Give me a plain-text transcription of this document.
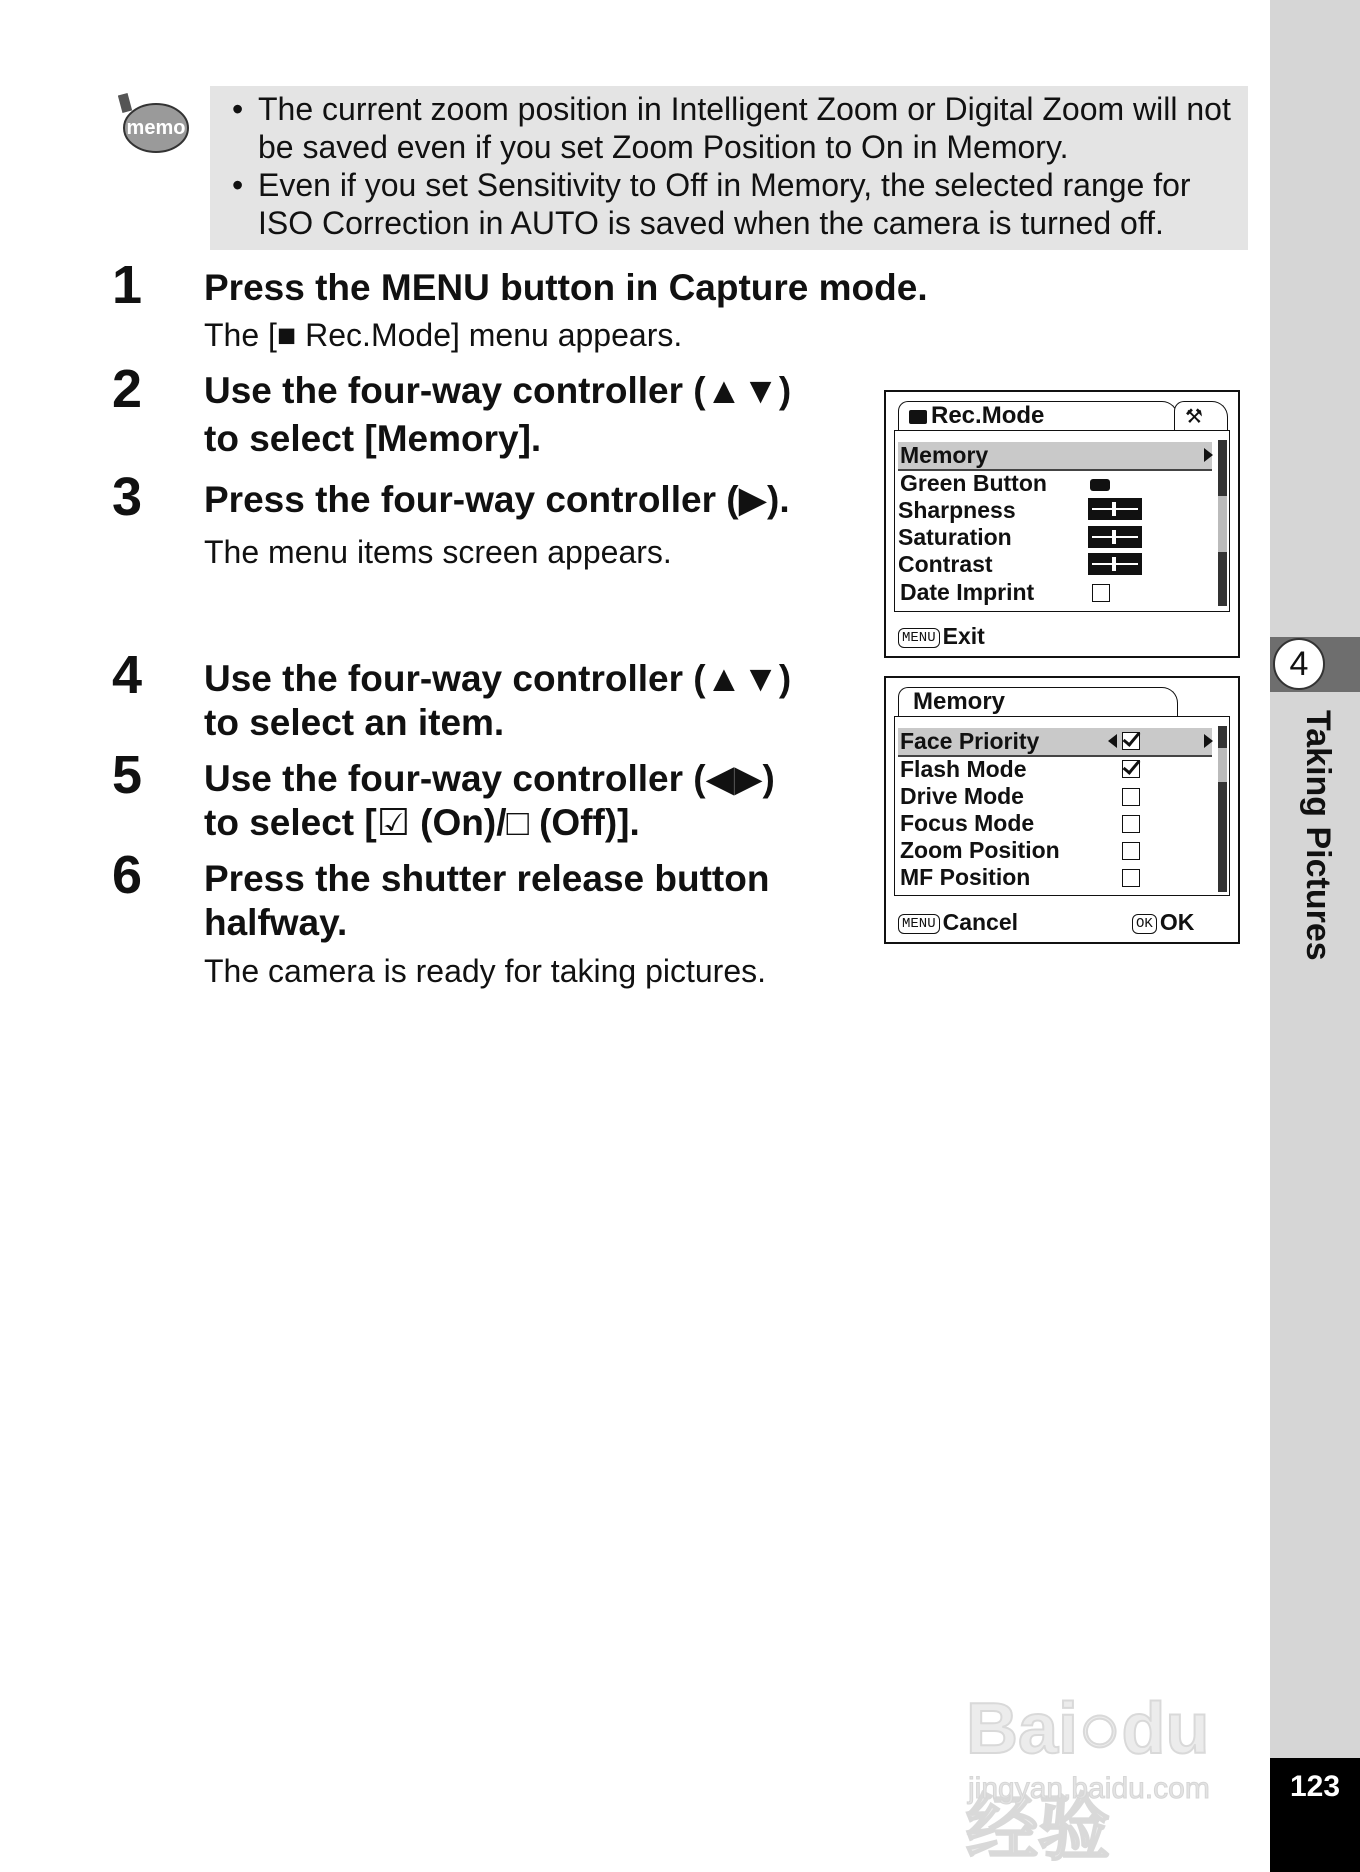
4
Taking Pictures
123
memo
• The current zoom position in Intelligent Zoom or Digital Zoom will not be saved even if you set Zoom Position to On in Memory.
• Even if you set Sensitivity to Off in Memory, the selected range for ISO Correction in AUTO is saved when the camera is turned off.
1 Press the MENU button in Capture mode.
The [■ Rec.Mode] menu appears.
2 Use the four-way controller (▲▼)
to select [Memory].
3 Press the four-way controller (▶).
The menu items screen appears.
4 Use the four-way controller (▲▼)
to select an item.
5 Use the four-way controller (◀▶)
to select [☑ (On)/□ (Off)].
6 Press the shutter release button
halfway.
The camera is ready for taking pictures.
Rec.Mode	⚒
Memory
Green Button
Sharpness
Saturation
Contrast
Date Imprint
MENU Exit
Memory
Face Priority
Flash Mode
Drive Mode
Focus Mode
Zoom Position
MF Position
MENU Cancel	OK OK
Bai○du 经验
jingyan.baidu.com
